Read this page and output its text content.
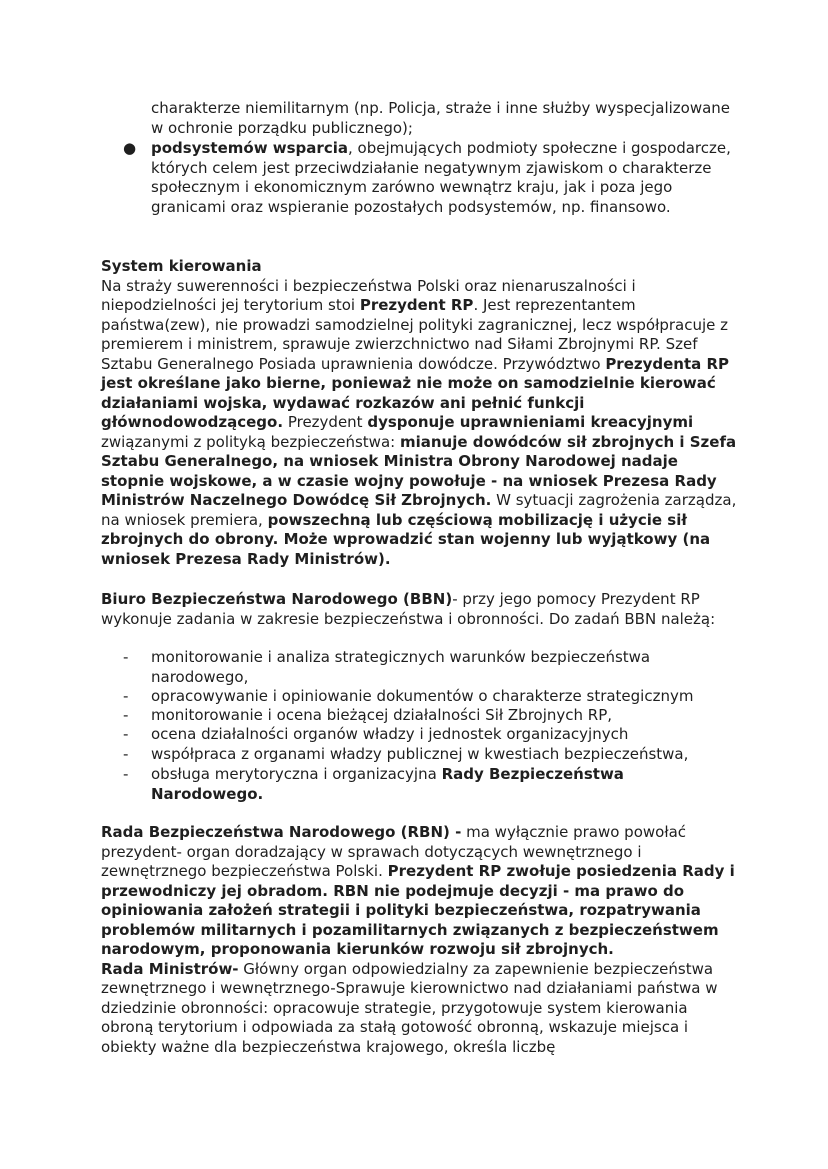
charakterze niemilitarnym (np. Policja, straże i inne służby wyspecjalizowane w ochronie porządku publicznego);

● podsystemów wsparcia, obejmujących podmioty społeczne i gospodarcze, których celem jest przeciwdziałanie negatywnym zjawiskom o charakterze społecznym i ekonomicznym zarówno wewnątrz kraju, jak i poza jego granicami oraz wspieranie pozostałych podsystemów, np. finansowo.

System kierowania

Na straży suwerenności i bezpieczeństwa Polski oraz nienaruszalności i niepodzielności jej terytorium stoi Prezydent RP. Jest reprezentantem państwa(zew), nie prowadzi samodzielnej polityki zagranicznej, lecz współpracuje z premierem i ministrem, sprawuje zwierzchnictwo nad Siłami Zbrojnymi RP. Szef Sztabu Generalnego Posiada uprawnienia dowódcze. Przywództwo Prezydenta RP jest określane jako bierne, ponieważ nie może on samodzielnie kierować działaniami wojska, wydawać rozkazów ani pełnić funkcji głównodowodzącego. Prezydent dysponuje uprawnieniami kreacyjnymi związanymi z polityką bezpieczeństwa: mianuje dowódców sił zbrojnych i Szefa Sztabu Generalnego, na wniosek Ministra Obrony Narodowej nadaje stopnie wojskowe, a w czasie wojny powołuje - na wniosek Prezesa Rady Ministrów Naczelnego Dowódcę Sił Zbrojnych. W sytuacji zagrożenia zarządza, na wniosek premiera, powszechną lub częściową mobilizację i użycie sił zbrojnych do obrony. Może wprowadzić stan wojenny lub wyjątkowy (na wniosek Prezesa Rady Ministrów).

Biuro Bezpieczeństwa Narodowego (BBN)- przy jego pomocy Prezydent RP wykonuje zadania w zakresie bezpieczeństwa i obronności. Do zadań BBN należą:

- monitorowanie i analiza strategicznych warunków bezpieczeństwa narodowego,
- opracowywanie i opiniowanie dokumentów o charakterze strategicznym
- monitorowanie i ocena bieżącej działalności Sił Zbrojnych RP,
- ocena działalności organów władzy i jednostek organizacyjnych
- współpraca z organami władzy publicznej w kwestiach bezpieczeństwa,
- obsługa merytoryczna i organizacyjna Rady Bezpieczeństwa Narodowego.

Rada Bezpieczeństwa Narodowego (RBN) - ma wyłącznie prawo powołać prezydent- organ doradzający w sprawach dotyczących wewnętrznego i zewnętrznego bezpieczeństwa Polski. Prezydent RP zwołuje posiedzenia Rady i przewodniczy jej obradom. RBN nie podejmuje decyzji - ma prawo do opiniowania założeń strategii i polityki bezpieczeństwa, rozpatrywania problemów militarnych i pozamilitarnych związanych z bezpieczeństwem narodowym, proponowania kierunków rozwoju sił zbrojnych.

Rada Ministrów- Główny organ odpowiedzialny za zapewnienie bezpieczeństwa zewnętrznego i wewnętrznego-Sprawuje kierownictwo nad działaniami państwa w dziedzinie obronności: opracowuje strategie, przygotowuje system kierowania obroną terytorium i odpowiada za stałą gotowość obronną, wskazuje miejsca i obiekty ważne dla bezpieczeństwa krajowego, określa liczbę
